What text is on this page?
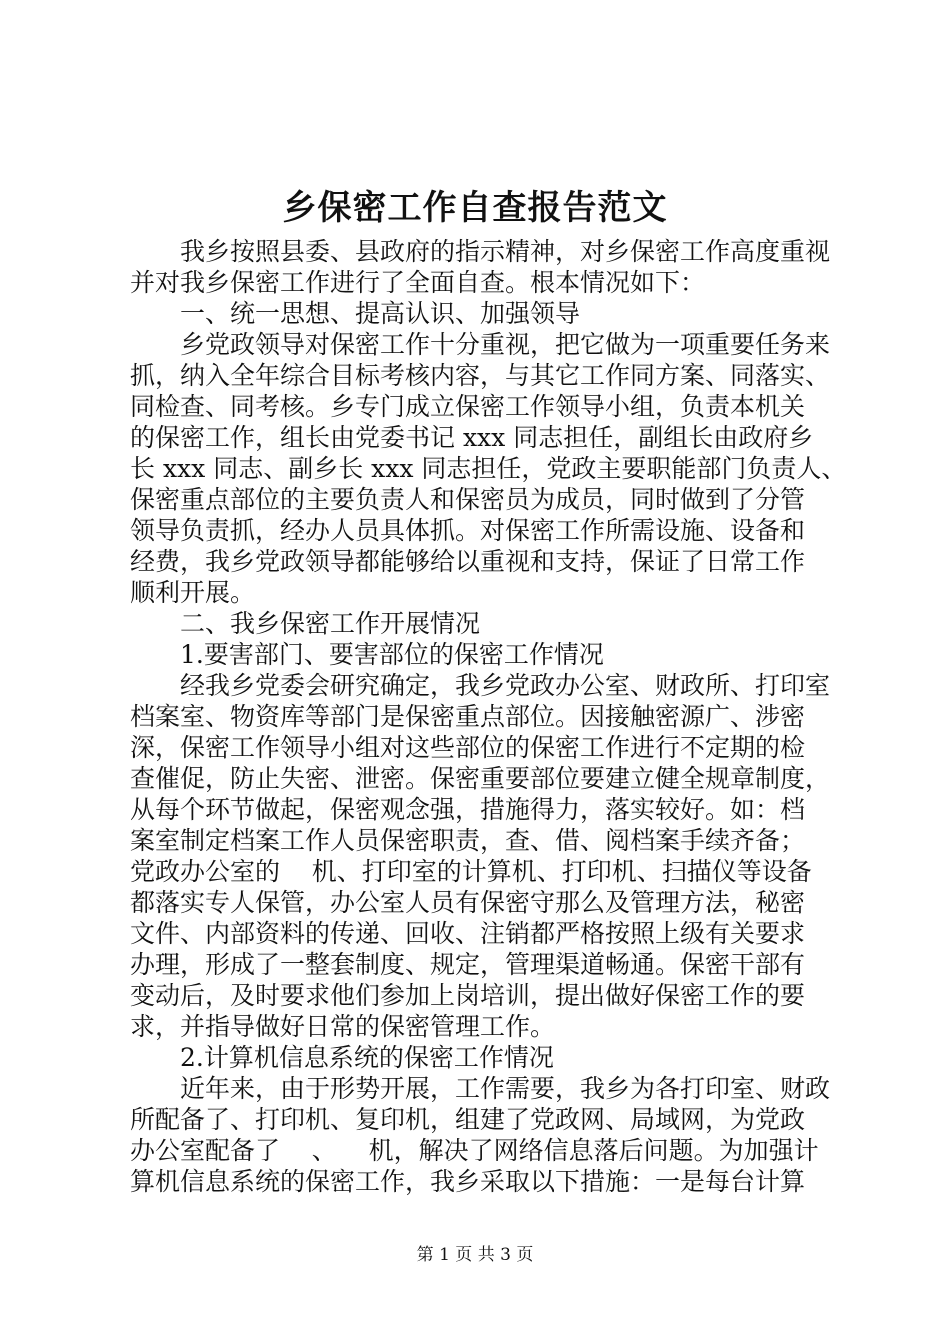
乡保密工作自查报告范文
我乡按照县委、县政府的指示精神，对乡保密工作高度重视
并对我乡保密工作进行了全面自查。根本情况如下：
一、统一思想、提高认识、加强领导
乡党政领导对保密工作十分重视，把它做为一项重要任务来
抓，纳入全年综合目标考核内容，与其它工作同方案、同落实、
同检查、同考核。乡专门成立保密工作领导小组，负责本机关
的保密工作，组长由党委书记 xxx 同志担任，副组长由政府乡
长 xxx 同志、副乡长 xxx 同志担任，党政主要职能部门负责人、
保密重点部位的主要负责人和保密员为成员，同时做到了分管
领导负责抓，经办人员具体抓。对保密工作所需设施、设备和
经费，我乡党政领导都能够给以重视和支持，保证了日常工作
顺利开展。
二、我乡保密工作开展情况
1.要害部门、要害部位的保密工作情况
经我乡党委会研究确定，我乡党政办公室、财政所、打印室
档案室、物资库等部门是保密重点部位。因接触密源广、涉密
深，保密工作领导小组对这些部位的保密工作进行不定期的检
查催促，防止失密、泄密。保密重要部位要建立健全规章制度，
从每个环节做起，保密观念强，措施得力，落实较好。如：档
案室制定档案工作人员保密职责，查、借、阅档案手续齐备；
党政办公室的    机、打印室的计算机、打印机、扫描仪等设备
都落实专人保管，办公室人员有保密守那么及管理方法，秘密
文件、内部资料的传递、回收、注销都严格按照上级有关要求
办理，形成了一整套制度、规定，管理渠道畅通。保密干部有
变动后，及时要求他们参加上岗培训，提出做好保密工作的要
求，并指导做好日常的保密管理工作。
2.计算机信息系统的保密工作情况
近年来，由于形势开展，工作需要，我乡为各打印室、财政
所配备了、打印机、复印机，组建了党政网、局域网，为党政
办公室配备了    、    机，解决了网络信息落后问题。为加强计
算机信息系统的保密工作，我乡采取以下措施：一是每台计算
第 1 页 共 3 页
